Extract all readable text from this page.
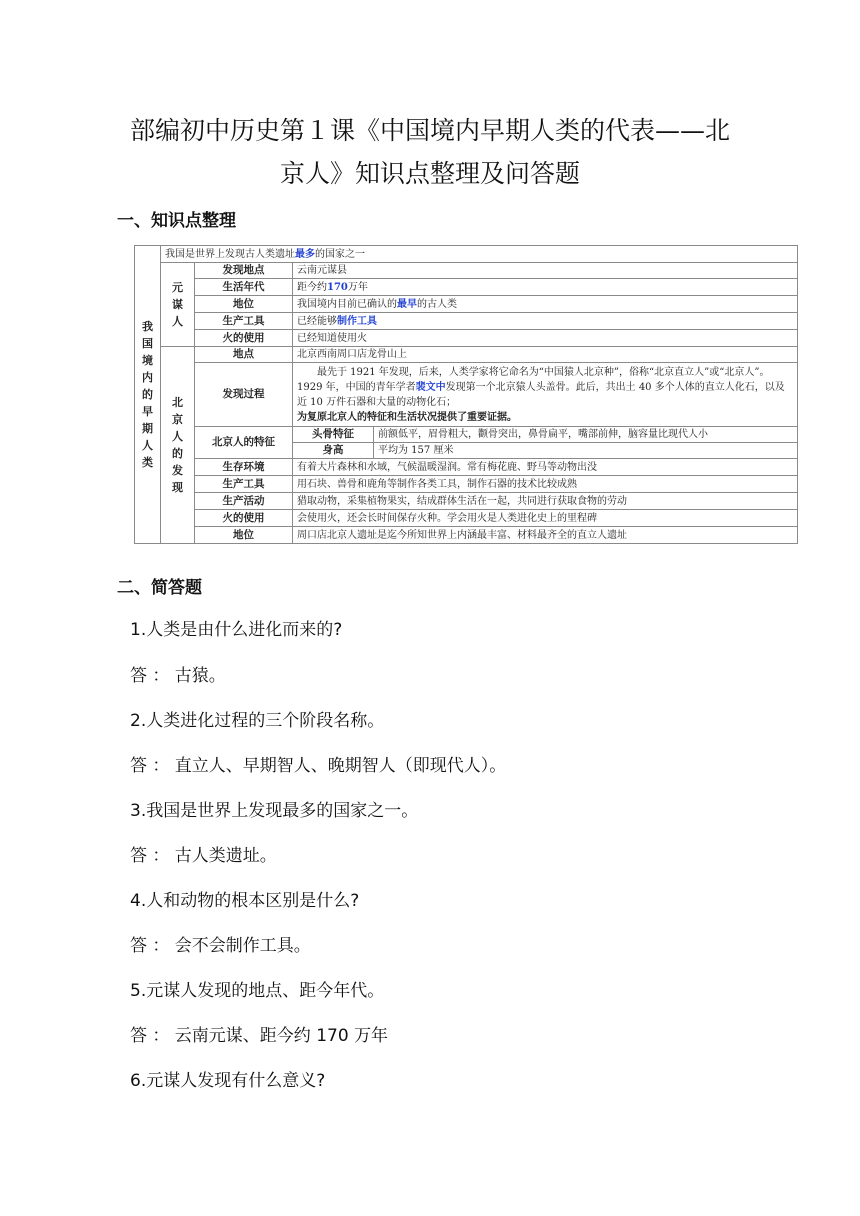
部编初中历史第１课《中国境内早期人类的代表——北
京人》知识点整理及问答题
一、知识点整理
我国境内的早期人类	我国是世界上发现古人类遗址最多的国家之一			
	元谋人	发现地点	云南元谋县	
		生活年代	距今约170万年	
		地位	我国境内目前已确认的最早的古人类	
		生产工具	已经能够制作工具	
		火的使用	已经知道使用火	
	北京人的发现	地点	北京西南周口店龙骨山上	
		发现过程	最先于 1921 年发现，后来，人类学家将它命名为“中国猿人北京种”，俗称“北京直立人”或“北京人”。1929 年，中国的青年学者裴文中发现第一个北京猿人头盖骨。此后，共出土 40 多个人体的直立人化石，以及近 10 万件石器和大量的动物化石；
为复原北京人的特征和生活状况提供了重要证据。	
		北京人的特征	头骨特征	前额低平，眉骨粗大，颧骨突出，鼻骨扁平，嘴部前伸，脑容量比现代人小
			身高	平均为 157 厘米
		生存环境	有着大片森林和水域，气候温暖湿润。常有梅花鹿、野马等动物出没	
		生产工具	用石块、兽骨和鹿角等制作各类工具，制作石器的技术比较成熟	
		生产活动	猎取动物，采集植物果实，结成群体生活在一起，共同进行获取食物的劳动	
		火的使用	会使用火，还会长时间保存火种。学会用火是人类进化史上的里程碑	
		地位	周口店北京人遗址是迄今所知世界上内涵最丰富、材料最齐全的直立人遗址	
二、简答题
1.人类是由什么进化而来的?
答 ： 古猿。
2.人类进化过程的三个阶段名称。
答 ： 直立人、早期智人、晚期智人（即现代人）。
3.我国是世界上发现最多的国家之一。
答 ： 古人类遗址。
4.人和动物的根本区别是什么?
答 ： 会不会制作工具。
5.元谋人发现的地点、距今年代。
答 ： 云南元谋、距今约 170 万年
6.元谋人发现有什么意义?
